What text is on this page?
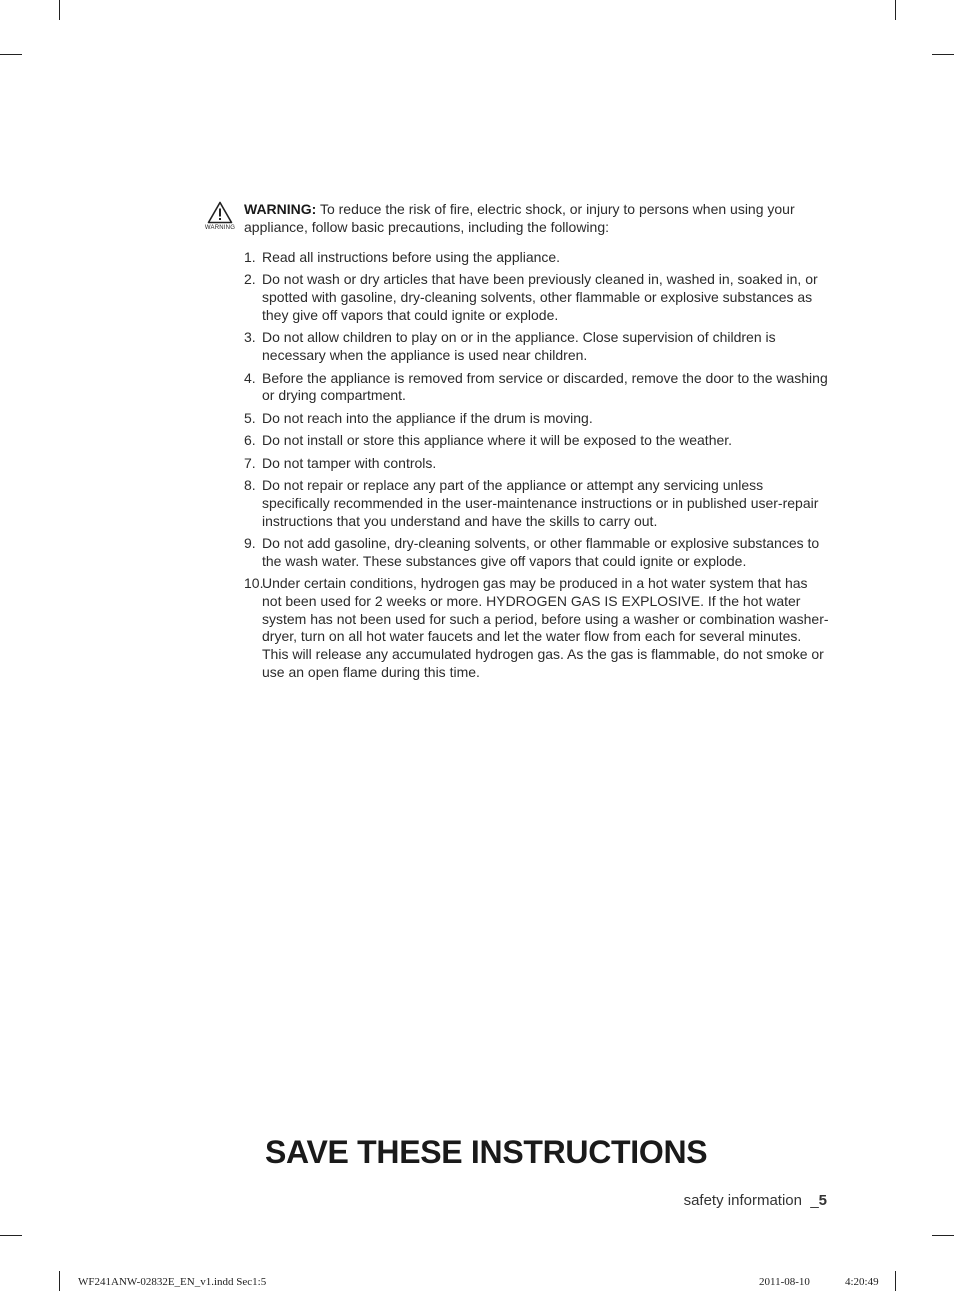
WARNING
WARNING: To reduce the risk of fire, electric shock, or injury to persons when using your appliance, follow basic precautions, including the following:
1. Read all instructions before using the appliance.
2. Do not wash or dry articles that have been previously cleaned in, washed in, soaked in, or spotted with gasoline, dry-cleaning solvents, other flammable or explosive substances as they give off vapors that could ignite or explode.
3. Do not allow children to play on or in the appliance. Close supervision of children is necessary when the appliance is used near children.
4. Before the appliance is removed from service or discarded, remove the door to the washing or drying compartment.
5. Do not reach into the appliance if the drum is moving.
6. Do not install or store this appliance where it will be exposed to the weather.
7. Do not tamper with controls.
8. Do not repair or replace any part of the appliance or attempt any servicing unless specifically recommended in the user-maintenance instructions or in published user-repair instructions that you understand and have the skills to carry out.
9. Do not add gasoline, dry-cleaning solvents, or other flammable or explosive substances to the wash water. These substances give off vapors that could ignite or explode.
10.
Under certain conditions, hydrogen gas may be produced in a hot water system that has not been used for 2 weeks or more. HYDROGEN GAS IS EXPLOSIVE. If the hot water system has not been used for such a period, before using a washer or combination washer-dryer, turn on all hot water faucets and let the water flow from each for several minutes. This will release any accumulated hydrogen gas. As the gas is flammable, do not smoke or use an open flame during this time.
SAVE THESE INSTRUCTIONS
safety information _5
WF241ANW-02832E_EN_v1.indd Sec1:5	2011-08-10	4:20:49
